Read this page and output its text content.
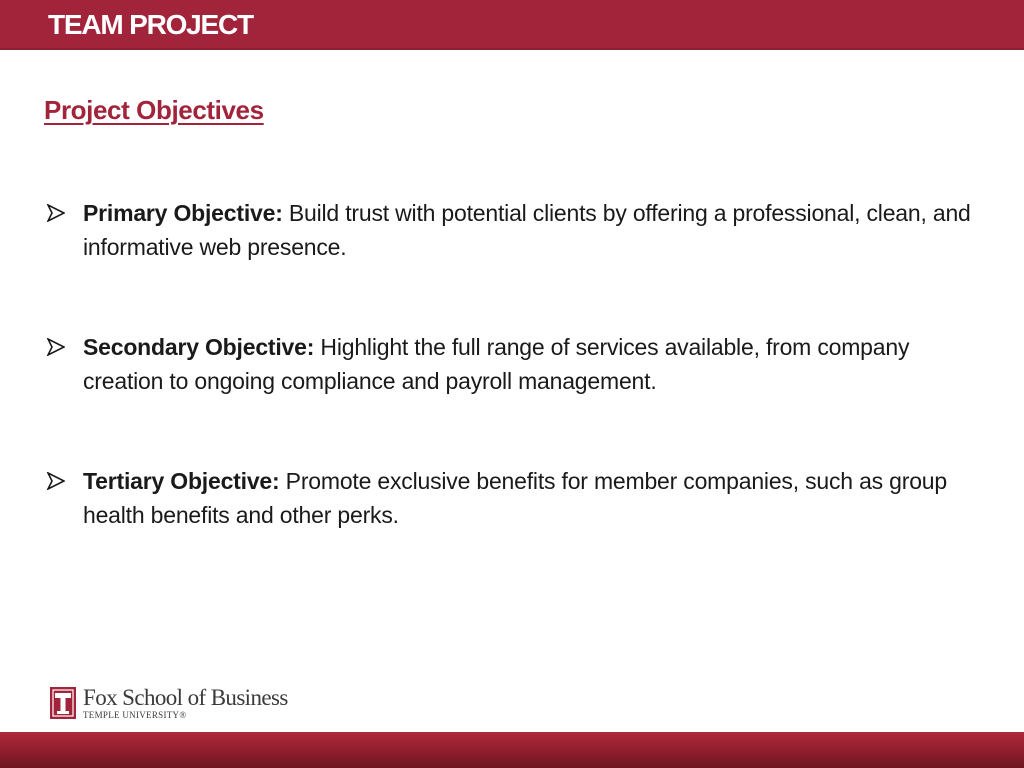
TEAM PROJECT
Project Objectives
Primary Objective: Build trust with potential clients by offering a professional, clean, and informative web presence.
Secondary Objective: Highlight the full range of services available, from company creation to ongoing compliance and payroll management.
Tertiary Objective: Promote exclusive benefits for member companies, such as group health benefits and other perks.
Fox School of Business
TEMPLE UNIVERSITY®
